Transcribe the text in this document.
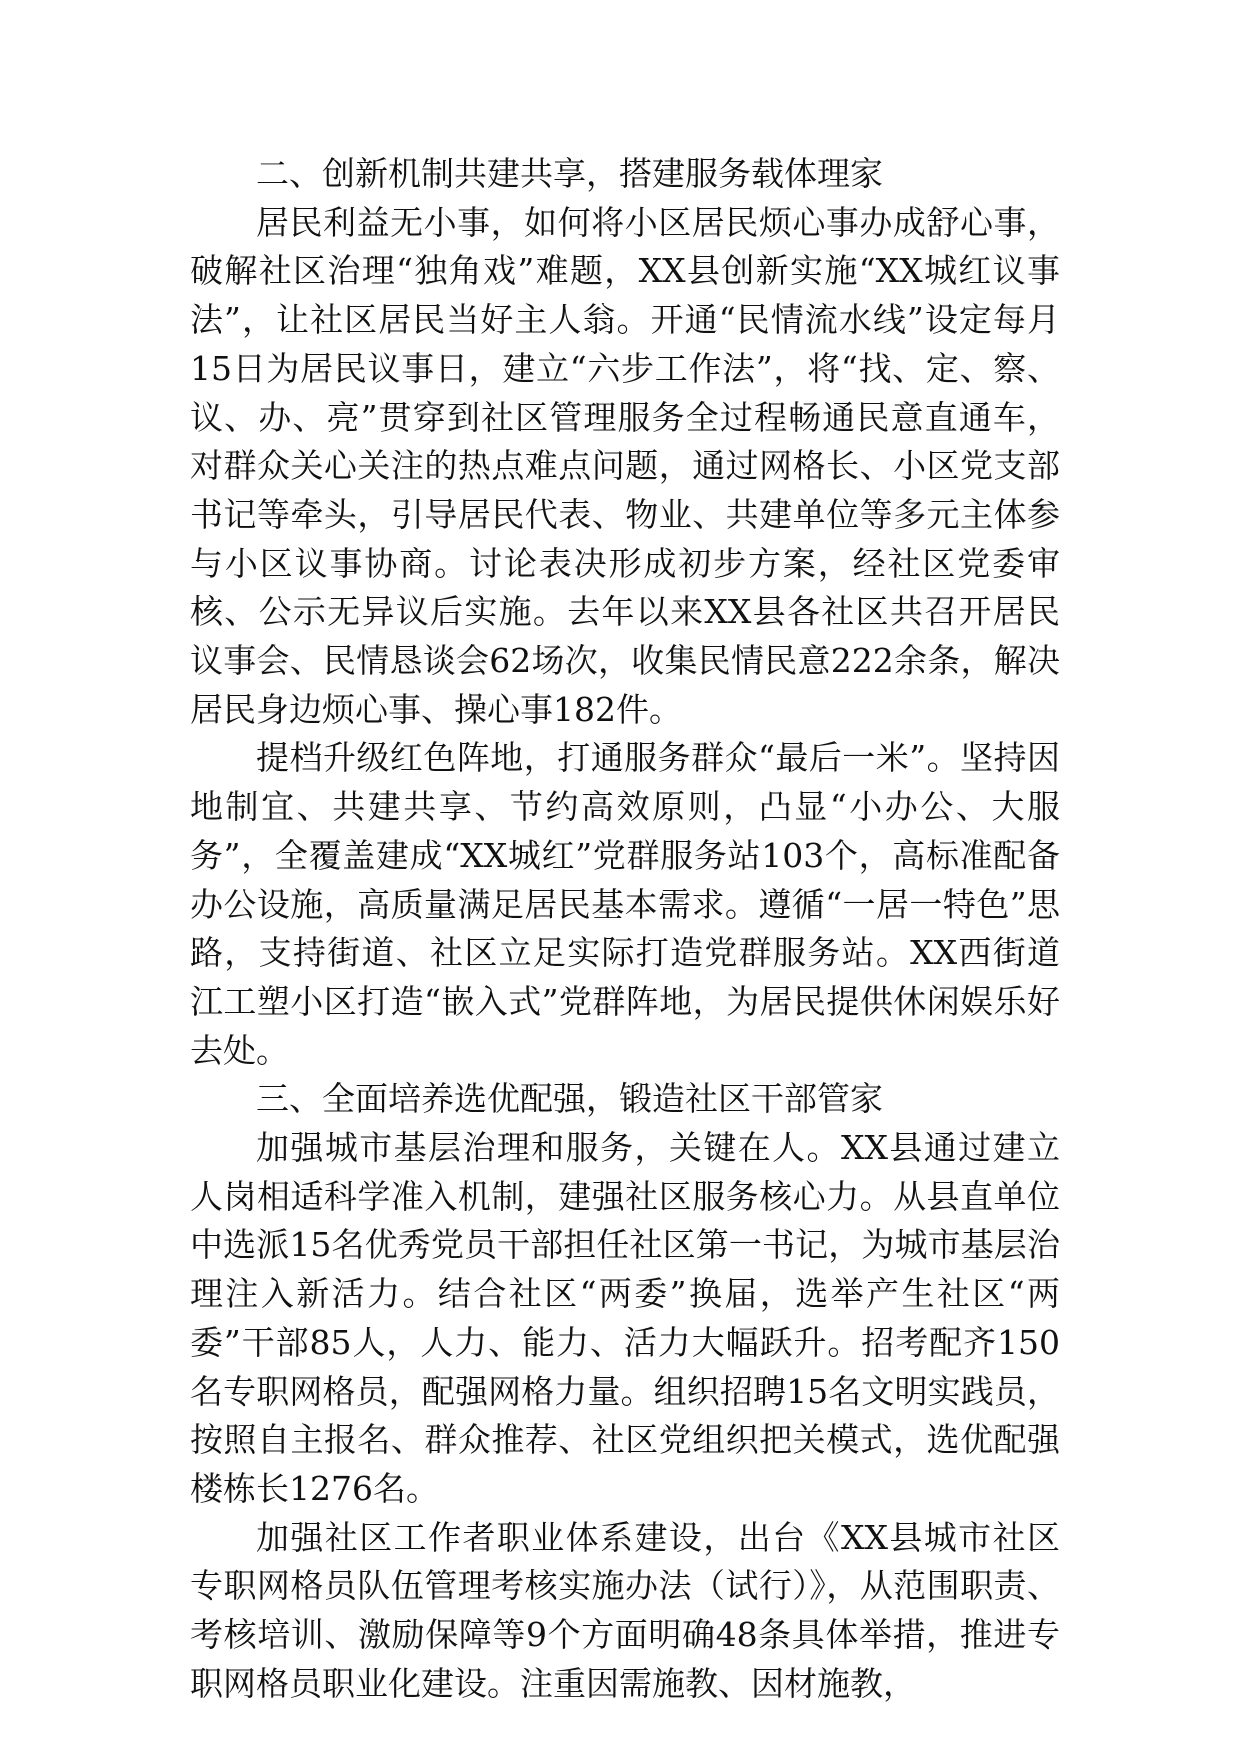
二、创新机制共建共享，搭建服务载体理家

居民利益无小事，如何将小区居民烦心事办成舒心事，破解社区治理“独角戏”难题，XX县创新实施“XX城红议事法”，让社区居民当好主人翁。开通“民情流水线”设定每月15日为居民议事日，建立“六步工作法”，将“找、定、察、议、办、亮”贯穿到社区管理服务全过程畅通民意直通车，对群众关心关注的热点难点问题，通过网格长、小区党支部书记等牵头，引导居民代表、物业、共建单位等多元主体参与小区议事协商。讨论表决形成初步方案，经社区党委审核、公示无异议后实施。去年以来XX县各社区共召开居民议事会、民情恳谈会62场次，收集民情民意222余条，解决居民身边烦心事、操心事182件。

提档升级红色阵地，打通服务群众“最后一米”。坚持因地制宜、共建共享、节约高效原则，凸显“小办公、大服务”，全覆盖建成“XX城红”党群服务站103个，高标准配备办公设施，高质量满足居民基本需求。遵循“一居一特色”思路，支持街道、社区立足实际打造党群服务站。XX西街道江工塑小区打造“嵌入式”党群阵地，为居民提供休闲娱乐好去处。

三、全面培养选优配强，锻造社区干部管家

加强城市基层治理和服务，关键在人。XX县通过建立人岗相适科学准入机制，建强社区服务核心力。从县直单位中选派15名优秀党员干部担任社区第一书记，为城市基层治理注入新活力。结合社区“两委”换届，选举产生社区“两委”干部85人，人力、能力、活力大幅跃升。招考配齐150名专职网格员，配强网格力量。组织招聘15名文明实践员，按照自主报名、群众推荐、社区党组织把关模式，选优配强楼栋长1276名。

加强社区工作者职业体系建设，出台《XX县城市社区专职网格员队伍管理考核实施办法（试行）》，从范围职责、考核培训、激励保障等9个方面明确48条具体举措，推进专职网格员职业化建设。注重因需施教、因材施教，
